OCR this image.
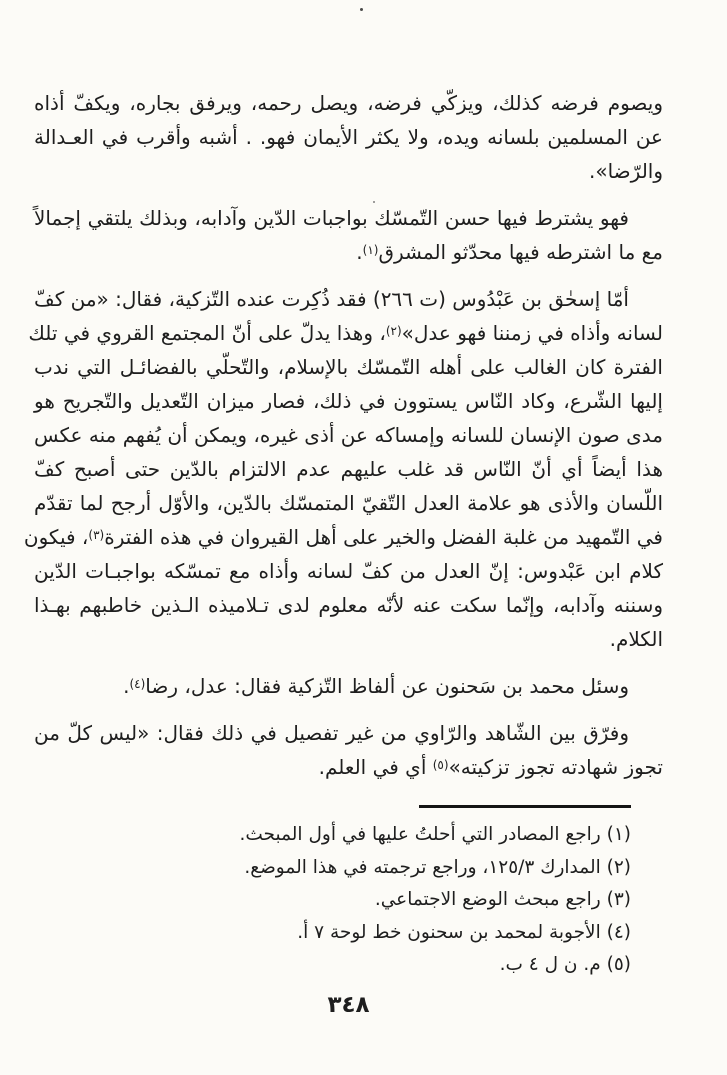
ويصوم فرضه كذلك، ويزكّي فرضه، ويصل رحمه، ويرفق بجاره، ويكفّ أذاه
عن المسلمين بلسانه ويده، ولا يكثر الأيمان فهو. . أشبه وأقرب في العـدالة
والرّضا».
فهو يشترط فيها حسن التّمسّك بواجبات الدّين وآدابه، وبذلك يلتقي إجمالاً
مع ما اشترطه فيها محدّثو المشرق$^{(١)}$.
أمّا إسحٰق بن عَبْدُوس (ت ٢٦٦) فقد ذُكِرت عنده التّزكية، فقال: «من كفّ
لسانه وأذاه في زمننا فهو عدل»$^{(٢)}$، وهذا يدلّ على أنّ المجتمع القروي في تلك
الفترة كان الغالب على أهله التّمسّك بالإسلام، والتّحلّي بالفضائـل التي ندب
إليها الشّرع، وكاد النّاس يستوون في ذلك، فصار ميزان التّعديل والتّجريح هو
مدى صون الإنسان للسانه وإمساكه عن أذى غيره، ويمكن أن يُفهم منه عكس
هذا أيضاً أي أنّ النّاس قد غلب عليهم عدم الالتزام بالدّين حتى أصبح كفّ
اللّسان والأذى هو علامة العدل التّقيّ المتمسّك بالدّين، والأوّل أرجح لما تقدّم
في التّمهيد من غلبة الفضل والخير على أهل القيروان في هذه الفترة$^{(٣)}$، فيكون
كلام ابن عَبْدوس: إنّ العدل من كفّ لسانه وأذاه مع تمسّكه بواجبـات الدّين
وسننه وآدابه، وإنّما سكت عنه لأنّه معلوم لدى تـلاميذه الـذين خاطبهم بهـذا
الكلام.
وسئل محمد بن سَحنون عن ألفاظ التّزكية فقال: عدل، رضا$^{(٤)}$.
وفرّق بين الشّاهد والرّاوي من غير تفصيل في ذلك فقال: «ليس كلّ من
تجوز شهادته تجوز تزكيته»$^{(٥)}$ أي في العلم.
(١) راجع المصادر التي أحلتُ عليها في أول المبحث.
(٢) المدارك ١٢٥/٣، وراجع ترجمته في هذا الموضع.
(٣) راجع مبحث الوضع الاجتماعي.
(٤) الأجوبة لمحمد بن سحنون خط لوحة ٧ أ.
(٥) م. ن ل ٤ ب.
٣٤٨
